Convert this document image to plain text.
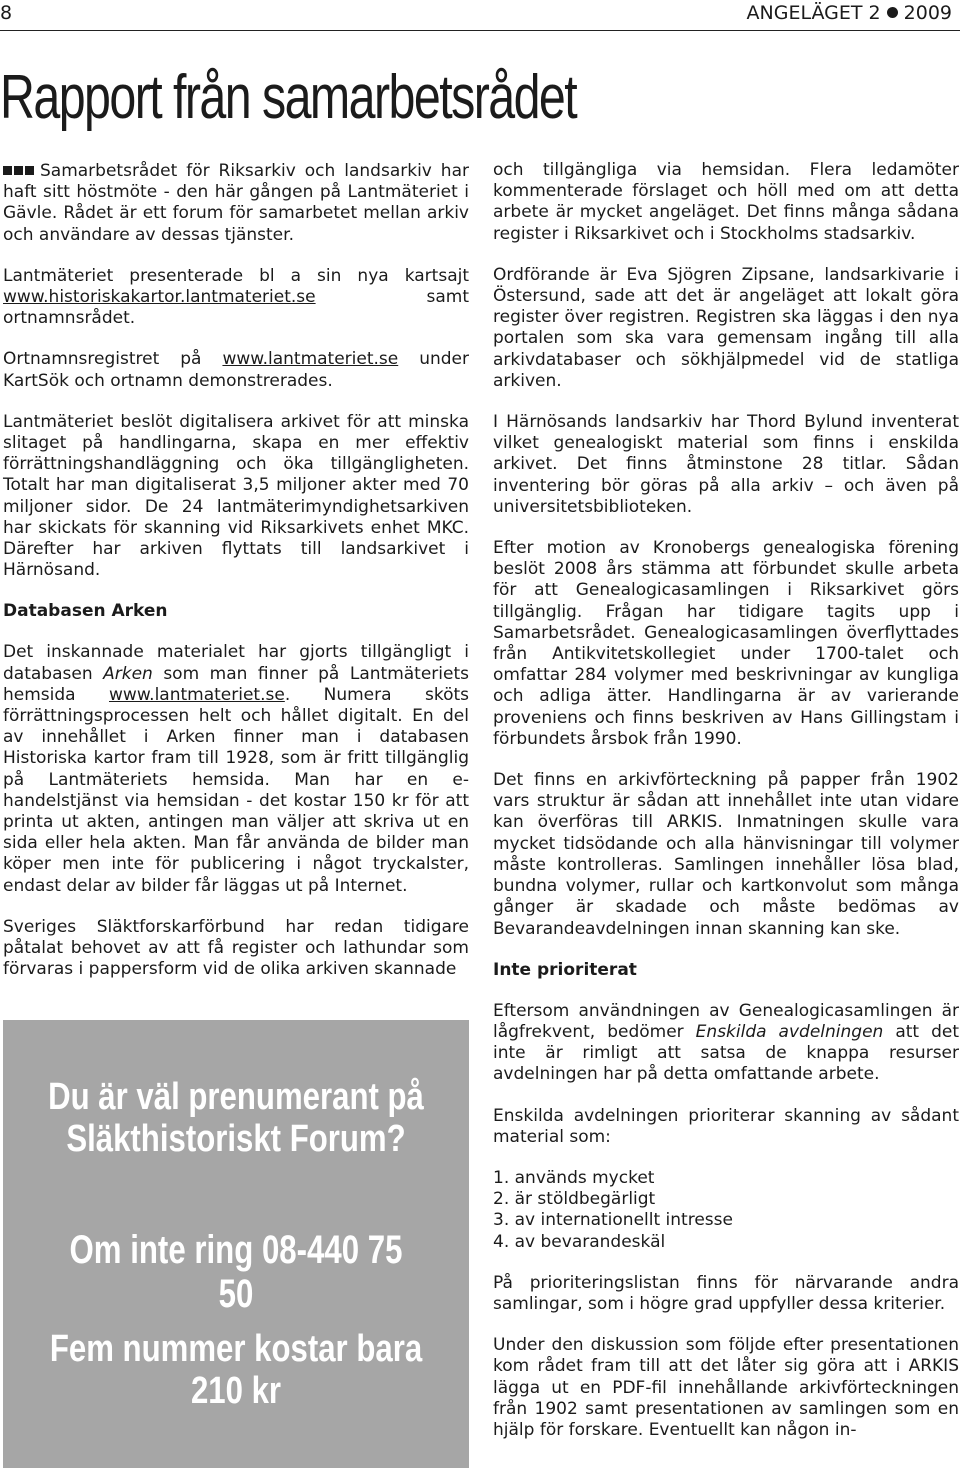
8	ANGELÄGET 2 2009
Rapport från samarbetsrådet

Samarbetsrådet för Riksarkiv och landsarkiv har haft sitt höstmöte - den här gången på Lantmäteriet i Gävle. Rådet är ett forum för samarbetet mellan arkiv och användare av dessas tjänster.

Lantmäteriet presenterade bl a sin nya kartsajt www.historiskakartor.lantmateriet.se samt ortnamnsrådet.

Ortnamnsregistret på www.lantmateriet.se under KartSök och ortnamn demonstrerades.

Lantmäteriet beslöt digitalisera arkivet för att minska slitaget på handlingarna, skapa en mer effektiv förrättningshandläggning och öka tillgängligheten. Totalt har man digitaliserat 3,5 miljoner akter med 70 miljoner sidor. De 24 lantmäterimyndighetsarkiven har skickats för skanning vid Riksarkivets enhet MKC. Därefter har arkiven flyttats till landsarkivet i Härnösand.

Databasen Arken

Det inskannade materialet har gjorts tillgängligt i databasen Arken som man finner på Lantmäteriets hemsida www.lantmateriet.se. Numera sköts förrättningsprocessen helt och hållet digitalt. En del av innehållet i Arken finner man i databasen Historiska kartor fram till 1928, som är fritt tillgänglig på Lantmäteriets hemsida. Man har en e-handelstjänst via hemsidan - det kostar 150 kr för att printa ut akten, antingen man väljer att skriva ut en sida eller hela akten. Man får använda de bilder man köper men inte för publicering i något tryckalster, endast delar av bilder får läggas ut på Internet.

Sveriges Släktforskarförbund har redan tidigare påtalat behovet av att få register och lathundar som förvaras i pappersform vid de olika arkiven skannade

Du är väl prenumerant på Släkthistoriskt Forum?
Om inte ring 08-440 75 50
Fem nummer kostar bara 210 kr

och tillgängliga via hemsidan. Flera ledamöter kommenterade förslaget och höll med om att detta arbete är mycket angeläget. Det finns många sådana register i Riksarkivet och i Stockholms stadsarkiv.

Ordförande är Eva Sjögren Zipsane, landsarkivarie i Östersund, sade att det är angeläget att lokalt göra register över registren. Registren ska läggas i den nya portalen som ska vara gemensam ingång till alla arkivdatabaser och sökhjälpmedel vid de statliga arkiven.

I Härnösands landsarkiv har Thord Bylund inventerat vilket genealogiskt material som finns i enskilda arkivet. Det finns åtminstone 28 titlar. Sådan inventering bör göras på alla arkiv – och även på universitetsbiblioteken.

Efter motion av Kronobergs genealogiska förening beslöt 2008 års stämma att förbundet skulle arbeta för att Genealogicasamlingen i Riksarkivet görs tillgänglig. Frågan har tidigare tagits upp i Samarbetsrådet. Genealogicasamlingen överflyttades från Antikvitetskollegiet under 1700-talet och omfattar 284 volymer med beskrivningar av kungliga och adliga ätter. Handlingarna är av varierande proveniens och finns beskriven av Hans Gillingstam i förbundets årsbok från 1990.

Det finns en arkivförteckning på papper från 1902 vars struktur är sådan att innehållet inte utan vidare kan överföras till ARKIS. Inmatningen skulle vara mycket tidsödande och alla hänvisningar till volymer måste kontrolleras. Samlingen innehåller lösa blad, bundna volymer, rullar och kartkonvolut som många gånger är skadade och måste bedömas av Bevarandeavdelningen innan skanning kan ske.

Inte prioriterat

Eftersom användningen av Genealogicasamlingen är lågfrekvent, bedömer Enskilda avdelningen att det inte är rimligt att satsa de knappa resurser avdelningen har på detta omfattande arbete.

Enskilda avdelningen prioriterar skanning av sådant material som:

1. används mycket
2. är stöldbegärligt
3. av internationellt intresse
4. av bevarandeskäl

På prioriteringslistan finns för närvarande andra samlingar, som i högre grad uppfyller dessa kriterier.

Under den diskussion som följde efter presentationen kom rådet fram till att det låter sig göra att i ARKIS lägga ut en PDF-fil innehållande arkivförteckningen från 1902 samt presentationen av samlingen som en hjälp för forskare. Eventuellt kan någon in-
